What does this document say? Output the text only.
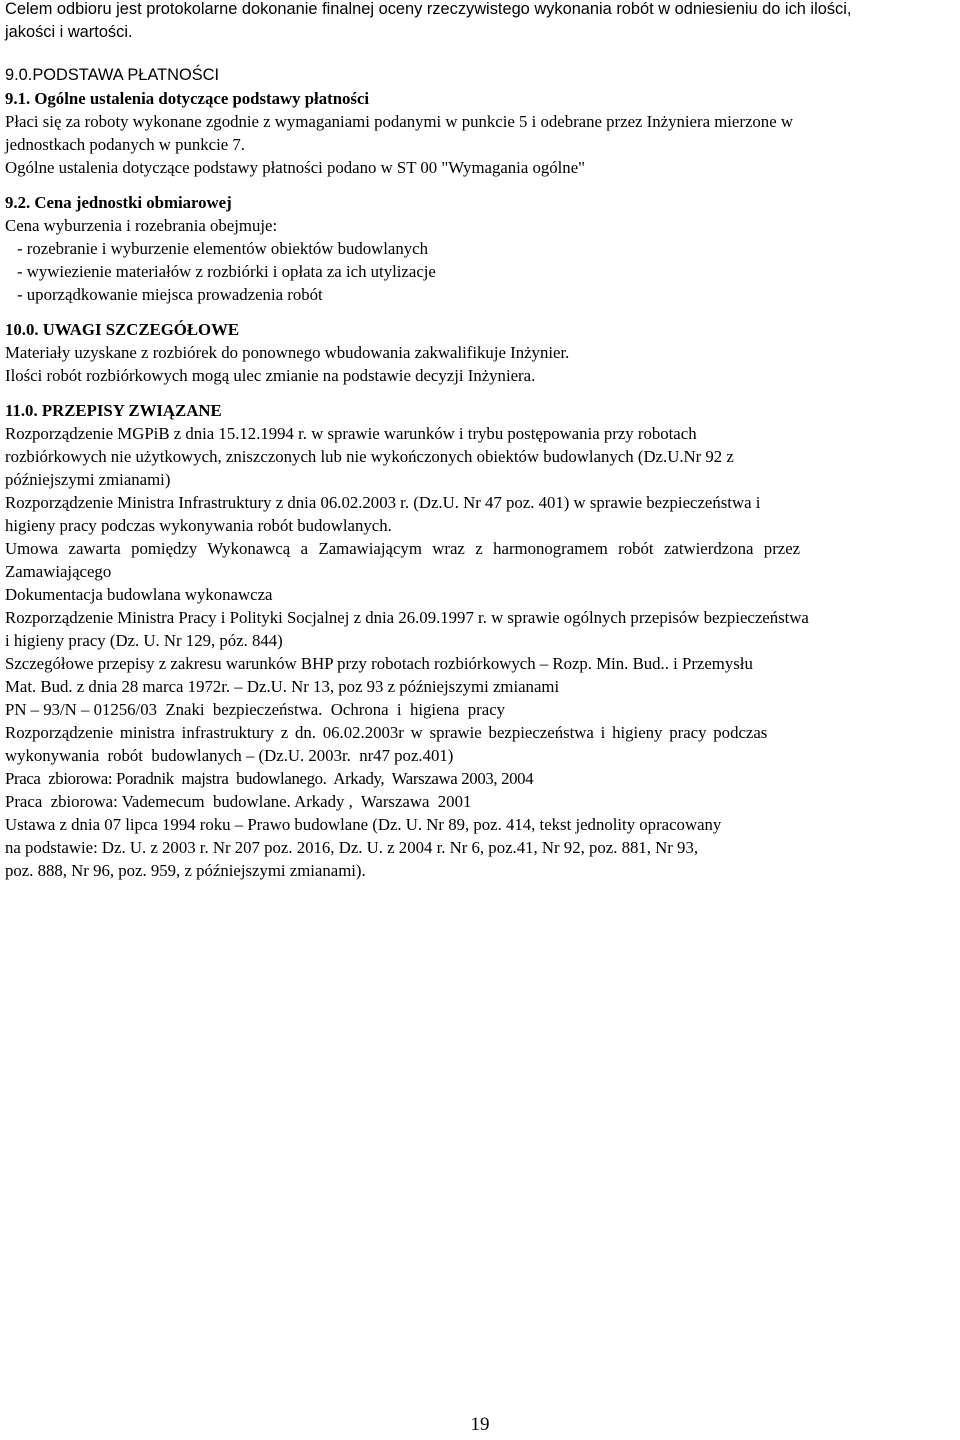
Celem odbioru jest protokolarne dokonanie finalnej oceny rzeczywistego wykonania robót w odniesieniu do ich ilości,
jakości i wartości.
9.0.PODSTAWA PŁATNOŚCI
9.1. Ogólne ustalenia dotyczące podstawy płatności
Płaci się za roboty wykonane zgodnie z wymaganiami podanymi w punkcie 5 i odebrane przez Inżyniera mierzone w
jednostkach podanych w punkcie 7.
Ogólne ustalenia dotyczące podstawy płatności podano w ST 00 "Wymagania ogólne"
9.2. Cena jednostki obmiarowej
Cena wyburzenia i rozebrania obejmuje:
- rozebranie i wyburzenie elementów obiektów budowlanych
- wywiezienie materiałów z rozbiórki i opłata za ich utylizacje
- uporządkowanie miejsca prowadzenia robót
10.0. UWAGI SZCZEGÓŁOWE
Materiały uzyskane z rozbiórek do ponownego wbudowania zakwalifikuje Inżynier.
Ilości robót rozbiórkowych mogą ulec zmianie na podstawie decyzji Inżyniera.
11.0. PRZEPISY ZWIĄZANE
Rozporządzenie MGPiB z dnia 15.12.1994 r. w sprawie warunków i trybu postępowania przy robotach
rozbiórkowych nie użytkowych, zniszczonych lub nie wykończonych obiektów budowlanych (Dz.U.Nr 92 z
późniejszymi zmianami)
Rozporządzenie Ministra Infrastruktury z dnia 06.02.2003 r. (Dz.U. Nr 47 poz. 401) w sprawie bezpieczeństwa i
higieny pracy podczas wykonywania robót budowlanych.
Umowa zawarta pomiędzy Wykonawcą a Zamawiającym wraz z harmonogramem robót zatwierdzona przez
Zamawiającego
Dokumentacja budowlana wykonawcza
Rozporządzenie Ministra Pracy i Polityki Socjalnej z dnia 26.09.1997 r. w sprawie ogólnych przepisów bezpieczeństwa
i higieny pracy (Dz. U. Nr 129, póz. 844)
Szczegółowe przepisy z zakresu warunków BHP przy robotach rozbiórkowych – Rozp. Min. Bud.. i Przemysłu
Mat. Bud. z dnia 28 marca 1972r. – Dz.U. Nr 13, poz 93 z późniejszymi zmianami
PN – 93/N – 01256/03  Znaki  bezpieczeństwa.  Ochrona  i  higiena  pracy
Rozporządzenie ministra infrastruktury z dn. 06.02.2003r w sprawie bezpieczeństwa i higieny pracy podczas
wykonywania  robót  budowlanych – (Dz.U. 2003r.  nr47 poz.401)
Praca  zbiorowa: Poradnik  majstra  budowlanego.  Arkady,  Warszawa 2003, 2004
Praca  zbiorowa: Vademecum  budowlane. Arkady ,  Warszawa  2001
Ustawa z dnia 07 lipca 1994 roku – Prawo budowlane (Dz. U. Nr 89, poz. 414, tekst jednolity opracowany
na podstawie: Dz. U. z 2003 r. Nr 207 poz. 2016, Dz. U. z 2004 r. Nr 6, poz.41, Nr 92, poz. 881, Nr 93,
poz. 888, Nr 96, poz. 959, z późniejszymi zmianami).
19
